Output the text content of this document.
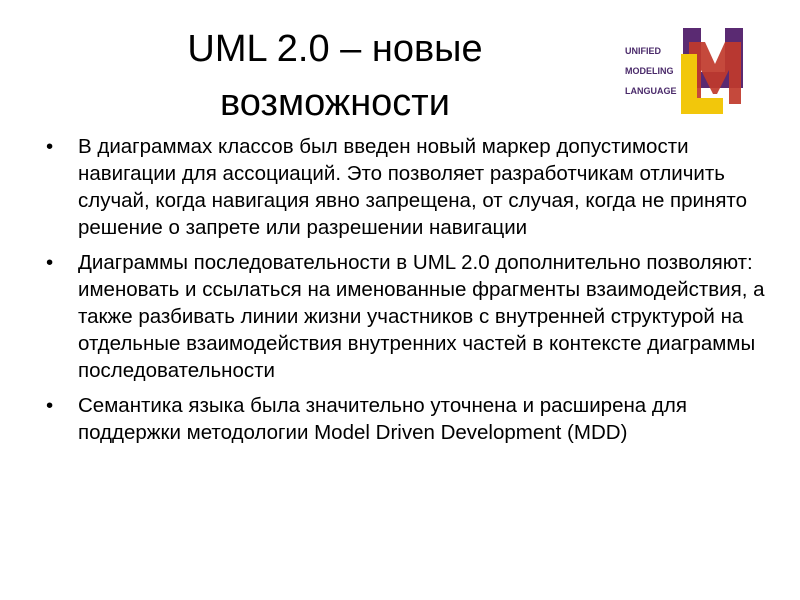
UML 2.0 – новые
возможности
UNIFIED
MODELING
LANGUAGE
• В диаграммах классов был введен новый маркер допустимости навигации для ассоциаций. Это позволяет разработчикам отличить случай, когда навигация явно запрещена, от случая, когда не принято решение о запрете или разрешении навигации
• Диаграммы последовательности в UML 2.0 дополнительно позволяют: именовать и ссылаться на именованные фрагменты взаимодействия, а также разбивать линии жизни участников с внутренней структурой на отдельные взаимодействия внутренних частей в контексте диаграммы последовательности
• Семантика языка была значительно уточнена и расширена для поддержки методологии Model Driven Development (MDD)
